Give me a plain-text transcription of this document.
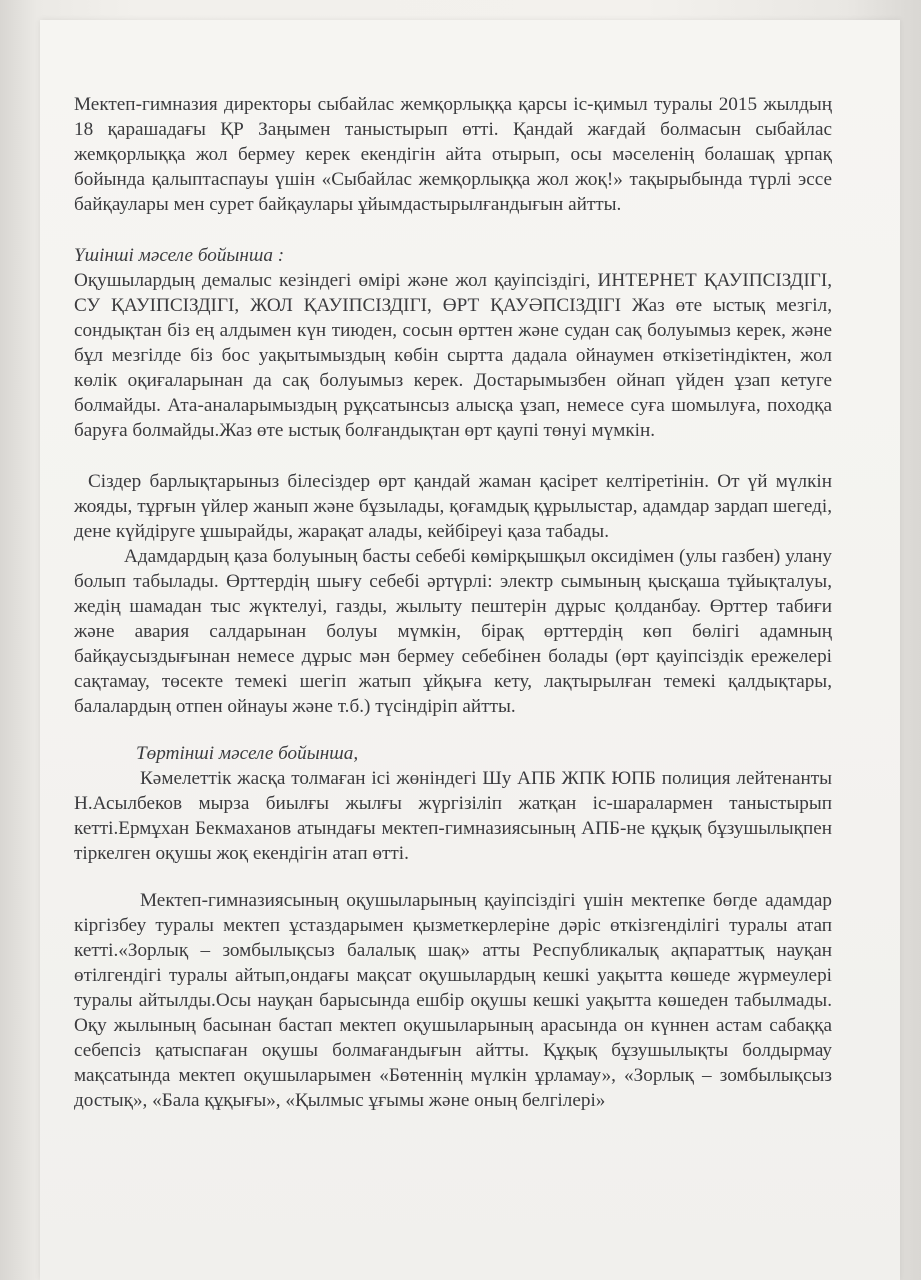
Мектеп-гимназия директоры сыбайлас жемқорлыққа қарсы іс-қимыл туралы 2015 жылдың 18 қарашадағы ҚР Заңымен таныстырып өтті. Қандай жағдай болмасын сыбайлас жемқорлыққа жол бермеу керек екендігін айта отырып, осы мәселенің болашақ ұрпақ бойында қалыптаспауы үшін «Сыбайлас жемқорлыққа жол жоқ!» тақырыбында түрлі эссе байқаулары мен сурет байқаулары ұйымдастырылғандығын айтты.

Үшінші мәселе бойынша :

Оқушылардың демалыс кезіндегі өмірі және жол қауіпсіздігі, ИНТЕРНЕТ ҚАУІПСІЗДІГІ, СУ ҚАУІПСІЗДІГІ, ЖОЛ ҚАУІПСІЗДІГІ, ӨРТ ҚАУӘПСІЗДІГІ Жаз өте ыстық мезгіл, сондықтан біз ең алдымен күн тиюден, сосын өрттен және судан сақ болуымыз керек, және бұл мезгілде біз бос уақытымыздың көбін сыртта дадала ойнаумен өткізетіндіктен, жол көлік оқиғаларынан да сақ болуымыз керек. Достарымызбен ойнап үйден ұзап кетуге болмайды. Ата-аналарымыздың рұқсатынсыз алысқа ұзап, немесе суға шомылуға, походқа баруға болмайды.Жаз өте ыстық болғандықтан өрт қаупі төнуі мүмкін.

Сіздер барлықтарыныз білесіздер өрт қандай жаман қасірет келтіретінін. От үй мүлкін жояды, тұрғын үйлер жанып және бұзылады, қоғамдық құрылыстар, адамдар зардап шегеді, дене күйдіруге ұшырайды, жарақат алады, кейбіреуі қаза табады.

Адамдардың қаза болуының басты себебі көмірқышқыл оксидімен (улы газбен) улану болып табылады. Өрттердің шығу себебі әртүрлі: электр сымының қысқаша тұйықталуы, жедің шамадан тыс жүктелуі, газды, жылыту пештерін дұрыс қолданбау. Өрттер табиғи және авария салдарынан болуы мүмкін, бірақ өрттердің көп бөлігі адамның байқаусыздығынан немесе дұрыс мән бермеу себебінен болады (өрт қауіпсіздік ережелері сақтамау, төсекте темекі шегіп жатып ұйқыға кету, лақтырылған темекі қалдықтары, балалардың отпен ойнауы және т.б.) түсіндіріп айтты.

Төртінші мәселе бойынша,

Кәмелеттік жасқа толмаған ісі жөніндегі Шу АПБ ЖПК ЮПБ полиция лейтенанты Н.Асылбеков мырза биылғы жылғы жүргізіліп жатқан іс-шаралармен таныстырып кетті.Ермұхан Бекмаханов атындағы мектеп-гимназиясының АПБ-не құқық бұзушылықпен тіркелген оқушы жоқ екендігін атап өтті.

Мектеп-гимназиясының оқушыларының қауіпсіздігі үшін мектепке бөгде адамдар кіргізбеу туралы мектеп ұстаздарымен қызметкерлеріне дәріс өткізгенділігі туралы атап кетті.«Зорлық – зомбылықсыз балалық шақ» атты Республикалық ақпараттық науқан өтілгендігі туралы айтып,ондағы мақсат оқушылардың кешкі уақытта көшеде жүрмеулері туралы айтылды.Осы науқан барысында ешбір оқушы кешкі уақытта көшеден табылмады. Оқу жылының басынан бастап мектеп оқушыларының арасында он күннен астам сабаққа себепсіз қатыспаған оқушы болмағандығын айтты. Құқық бұзушылықты болдырмау мақсатында мектеп оқушыларымен «Бөтеннің мүлкін ұрламау», «Зорлық – зомбылықсыз достық», «Бала құқығы», «Қылмыс ұғымы және оның белгілері»
